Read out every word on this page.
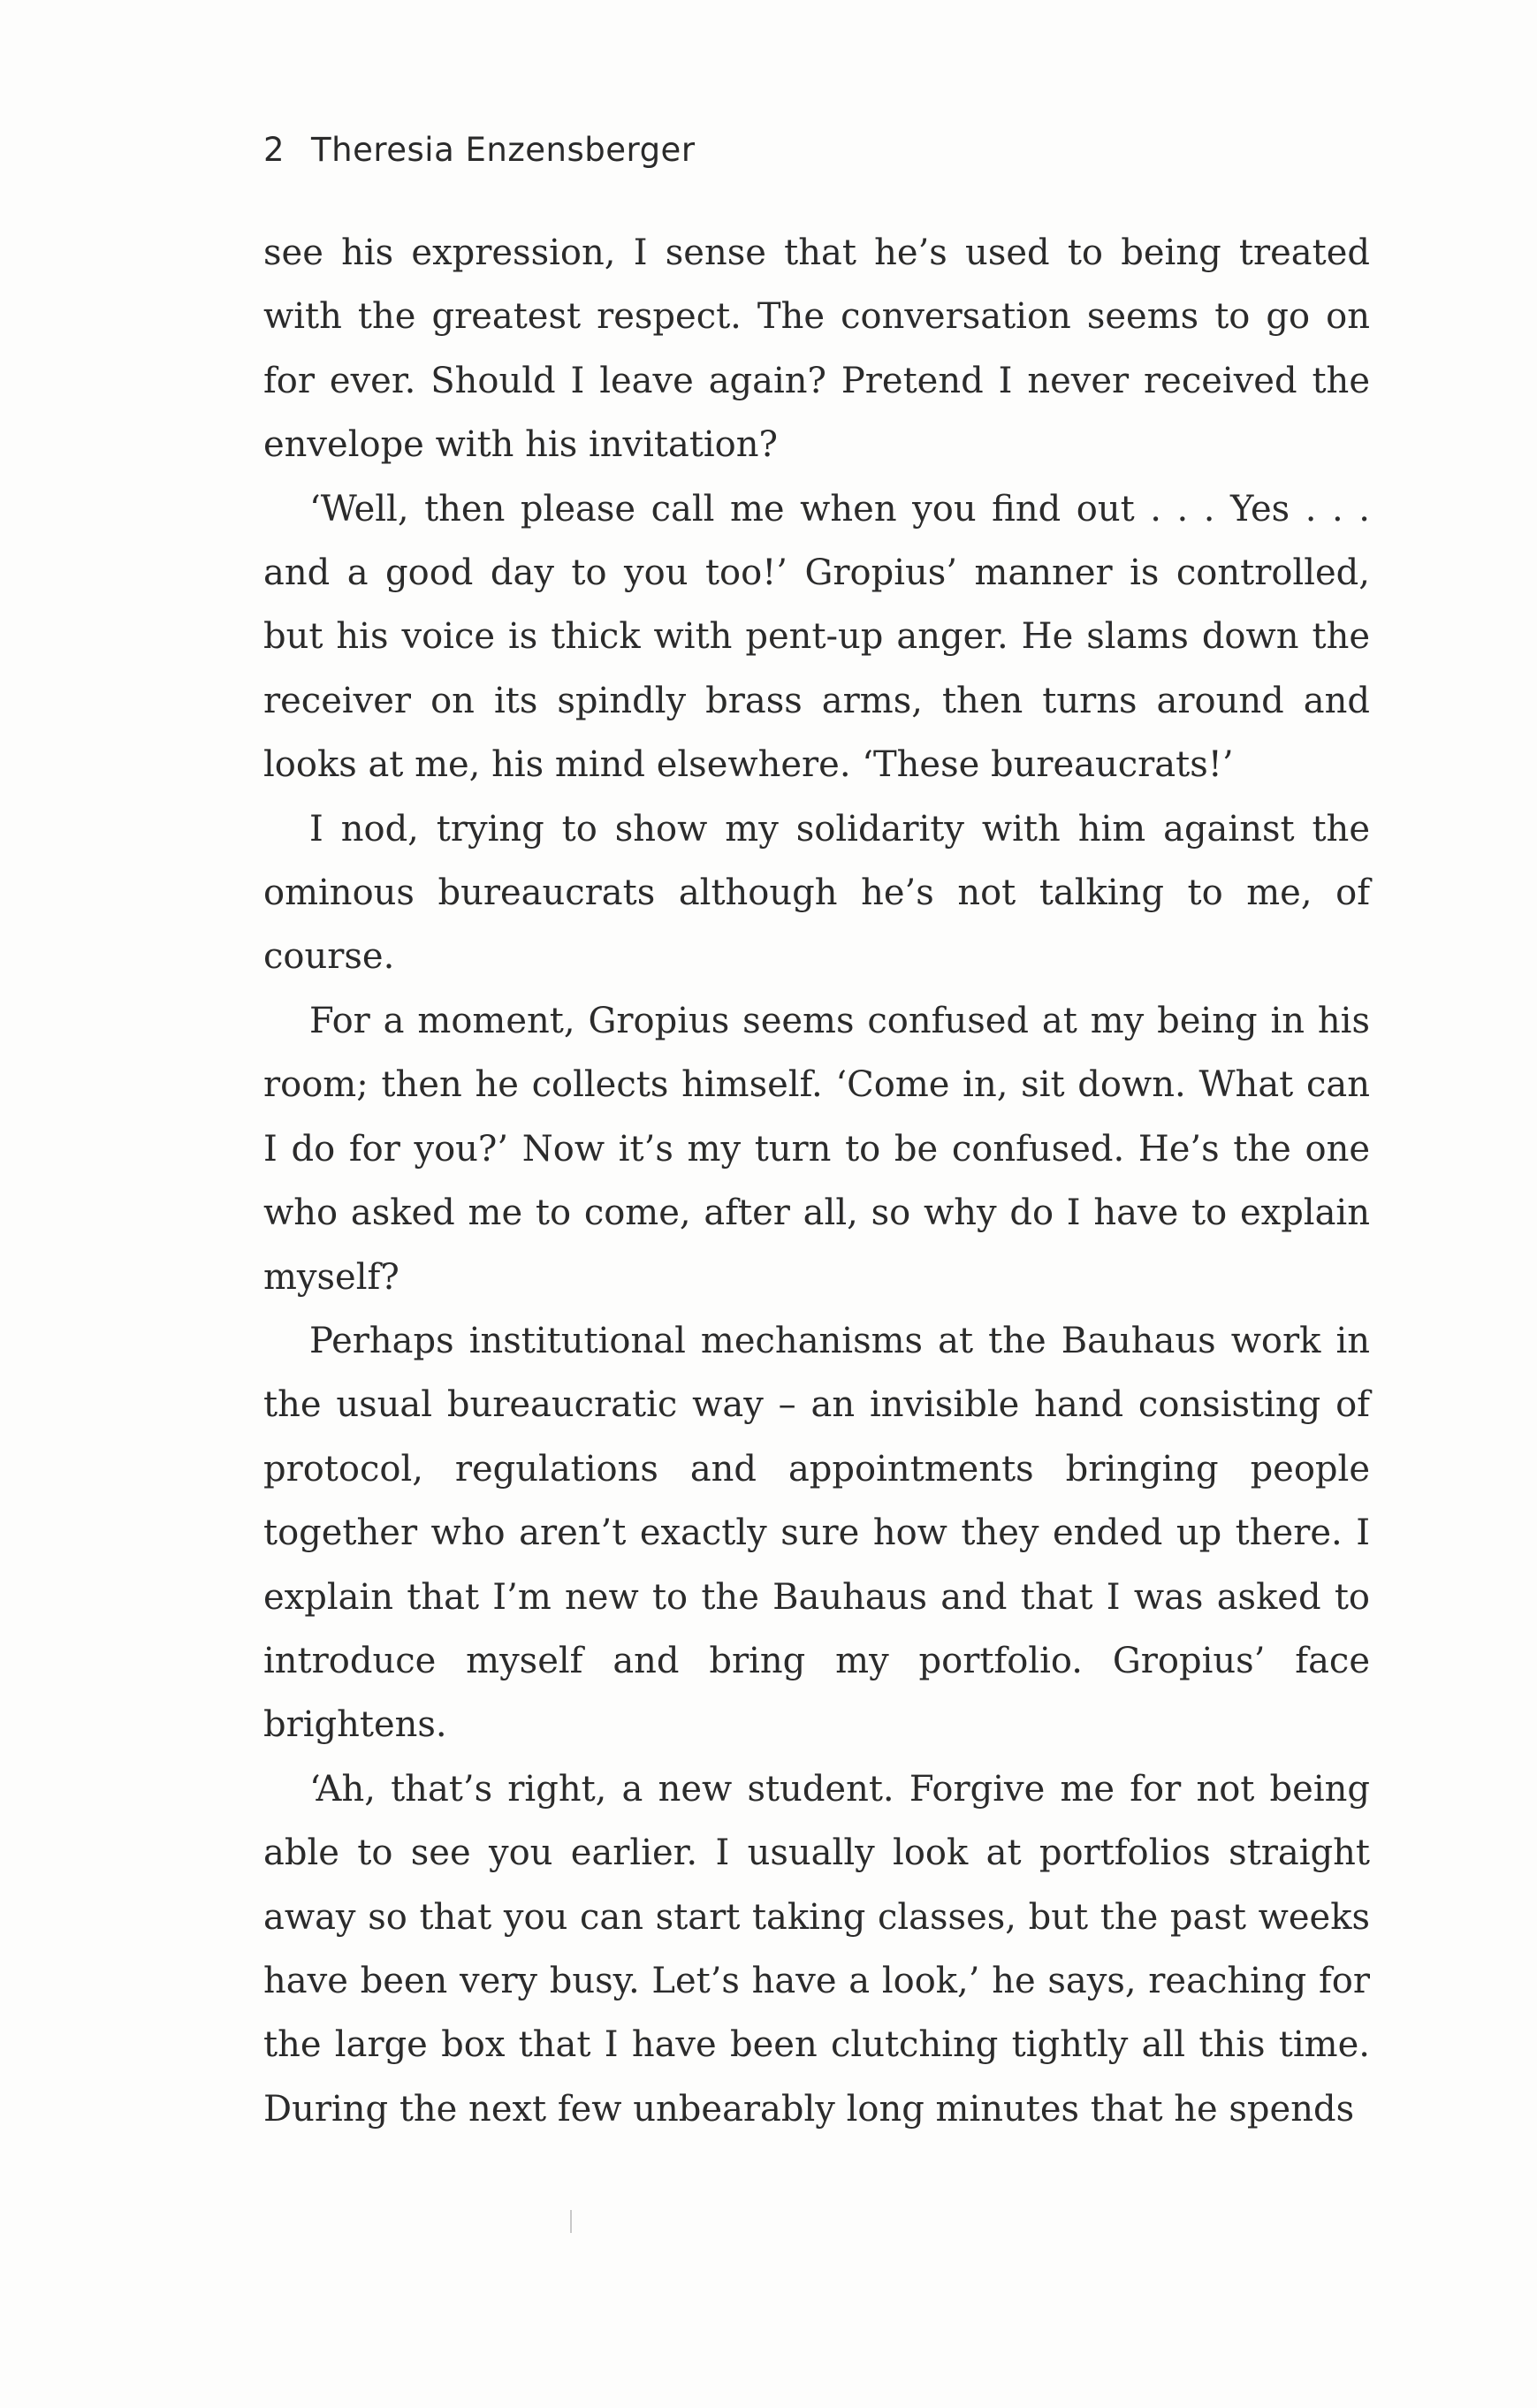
2 Theresia Enzensberger

see his expression, I sense that he’s used to being treated with the greatest respect. The conversation seems to go on for ever. Should I leave again? Pretend I never received the envelope with his invitation?

‘Well, then please call me when you find out . . . Yes . . . and a good day to you too!’ Gropius’ manner is controlled, but his voice is thick with pent-up anger. He slams down the receiver on its spindly brass arms, then turns around and looks at me, his mind elsewhere. ‘These bureaucrats!’

I nod, trying to show my solidarity with him against the ominous bureaucrats although he’s not talking to me, of course.

For a moment, Gropius seems confused at my being in his room; then he collects himself. ‘Come in, sit down. What can I do for you?’ Now it’s my turn to be confused. He’s the one who asked me to come, after all, so why do I have to explain myself?

Perhaps institutional mechanisms at the Bauhaus work in the usual bureaucratic way – an invisible hand consisting of protocol, regulations and appointments bringing people together who aren’t exactly sure how they ended up there. I explain that I’m new to the Bauhaus and that I was asked to introduce myself and bring my portfolio. Gropius’ face brightens.

‘Ah, that’s right, a new student. Forgive me for not being able to see you earlier. I usually look at portfolios straight away so that you can start taking classes, but the past weeks have been very busy. Let’s have a look,’ he says, reaching for the large box that I have been clutching tightly all this time. During the next few unbearably long minutes that he spends
